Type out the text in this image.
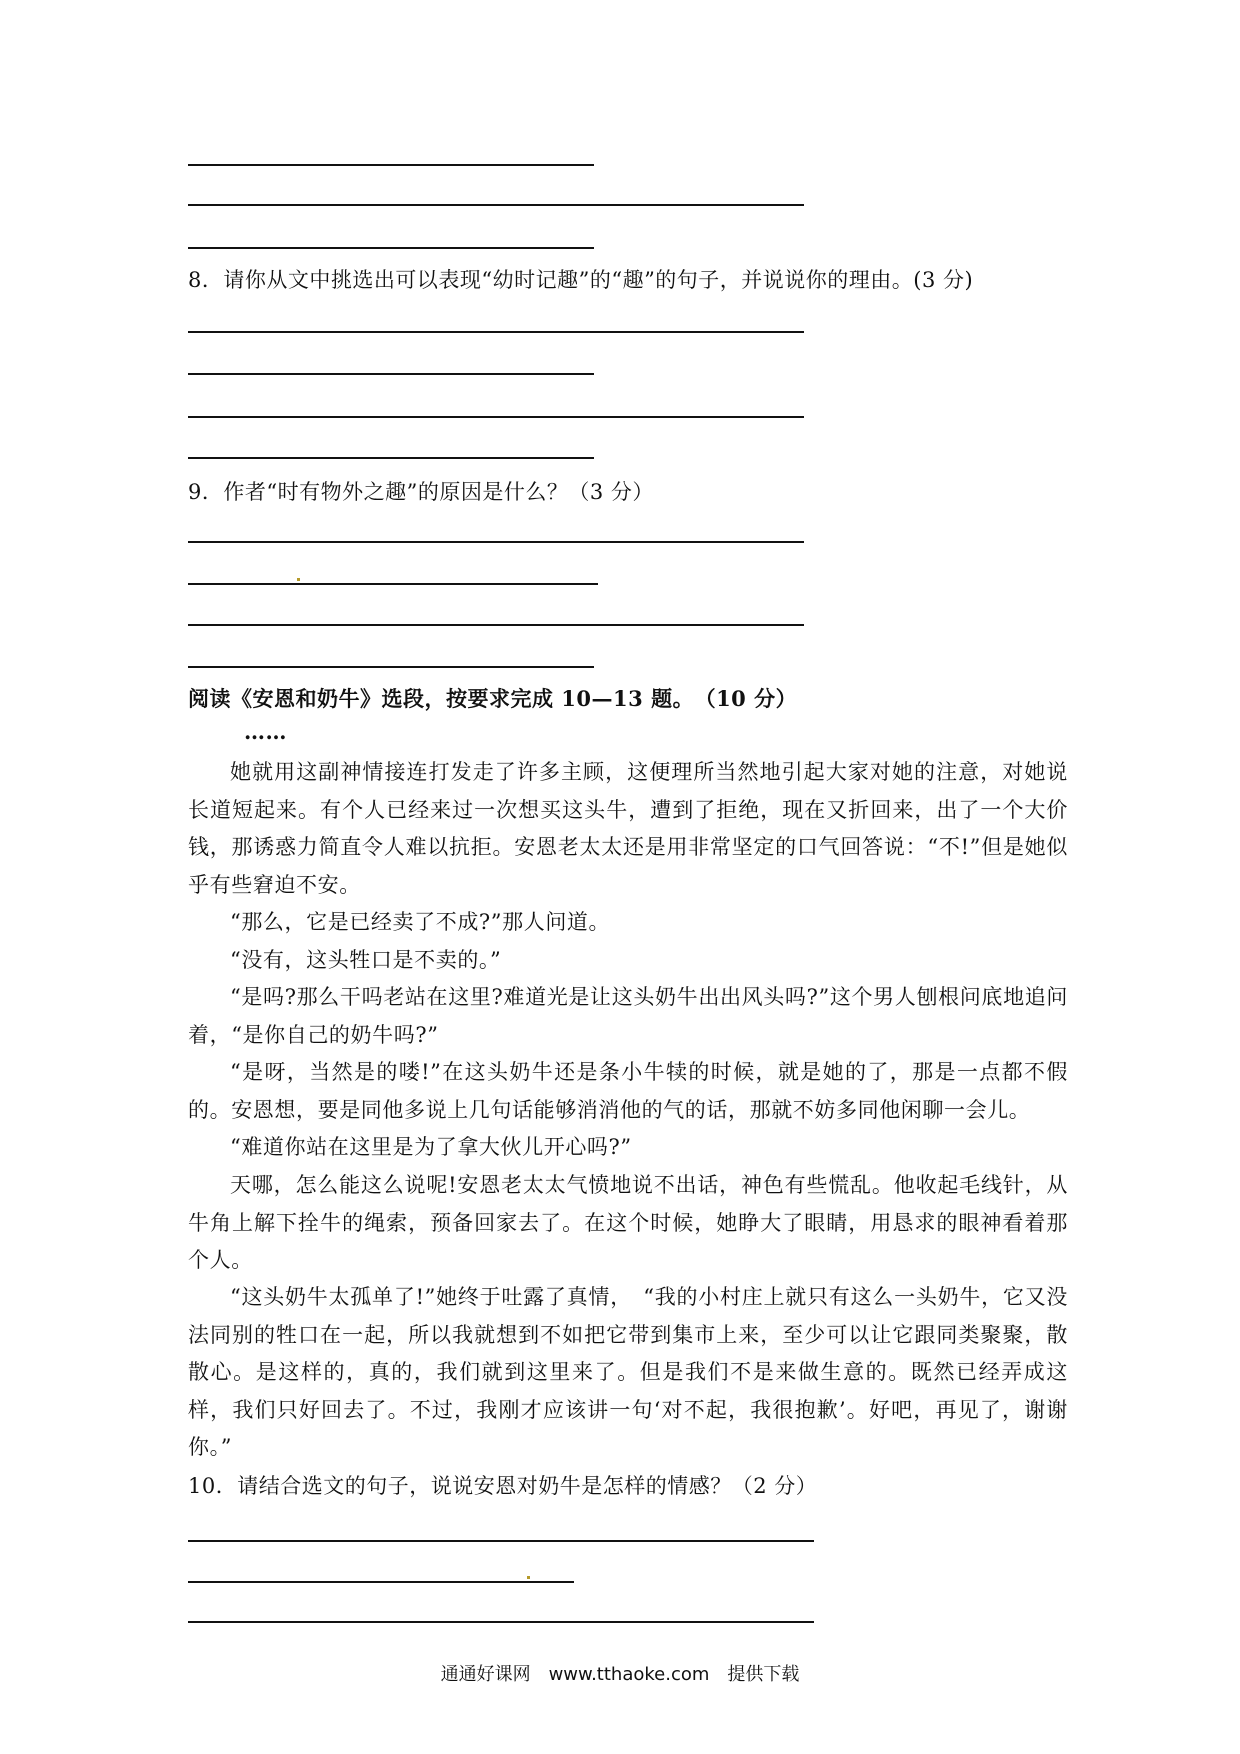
8．请你从文中挑选出可以表现“幼时记趣”的“趣”的句子，并说说你的理由。(3 分)
9．作者“时有物外之趣”的原因是什么？（3 分）
阅读《安恩和奶牛》选段，按要求完成 10—13 题。　（10 分）
……
她就用这副神情接连打发走了许多主顾，这便理所当然地引起大家对她的注意，对她说长道短起来。有个人已经来过一次想买这头牛，遭到了拒绝，现在又折回来，出了一个大价钱，那诱惑力简直令人难以抗拒。安恩老太太还是用非常坚定的口气回答说：“不!”但是她似乎有些窘迫不安。
“那么，它是已经卖了不成?”那人问道。
“没有，这头牲口是不卖的。”
“是吗?那么干吗老站在这里?难道光是让这头奶牛出出风头吗?”这个男人刨根问底地追问着，“是你自己的奶牛吗?”
“是呀，当然是的喽!”在这头奶牛还是条小牛犊的时候，就是她的了，那是一点都不假的。安恩想，要是同他多说上几句话能够消消他的气的话，那就不妨多同他闲聊一会儿。
“难道你站在这里是为了拿大伙儿开心吗?”
天哪，怎么能这么说呢!安恩老太太气愤地说不出话，神色有些慌乱。他收起毛线针，从牛角上解下拴牛的绳索，预备回家去了。在这个时候，她睁大了眼睛，用恳求的眼神看着那个人。
“这头奶牛太孤单了!”她终于吐露了真情，　“我的小村庄上就只有这么一头奶牛，它又没法同别的牲口在一起，所以我就想到不如把它带到集市上来，至少可以让它跟同类聚聚，散散心。是这样的，真的，我们就到这里来了。但是我们不是来做生意的。既然已经弄成这样，我们只好回去了。不过，我刚才应该讲一句‘对不起，我很抱歉’。好吧，再见了，谢谢你。”
10．请结合选文的句子，说说安恩对奶牛是怎样的情感？（2 分）
通通好课网　www.tthaoke.com　提供下载
